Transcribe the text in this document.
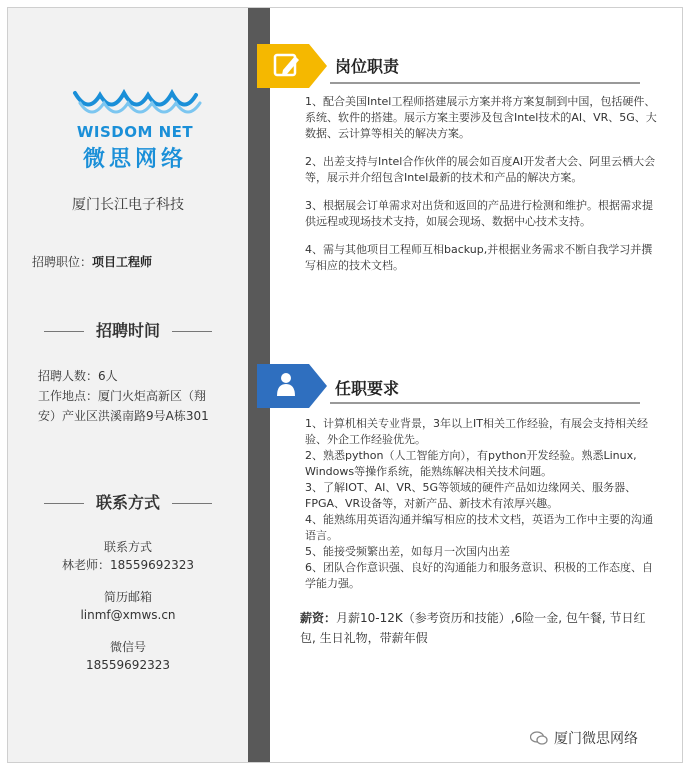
WISDOM NET
微思网络
厦门长江电子科技
招聘职位：项目工程师
招聘时间
招聘人数：6人
工作地点：厦门火炬高新区（翔
安）产业区洪溪南路9号A栋301
联系方式
联系方式
林老师：18559692323
简历邮箱
linmf@xmws.cn
微信号
18559692323
岗位职责

1、配合美国Intel工程师搭建展示方案并将方案复制到中国，包括硬件、系统、软件的搭建。展示方案主要涉及包含Intel技术的AI、VR、5G、大数据、云计算等相关的解决方案。

2、出差支持与Intel合作伙伴的展会如百度AI开发者大会、阿里云栖大会等，展示并介绍包含Intel最新的技术和产品的解决方案。

3、根据展会订单需求对出货和返回的产品进行检测和维护。根据需求提供远程或现场技术支持，如展会现场、数据中心技术支持。

4、需与其他项目工程师互相backup,并根据业务需求不断自我学习并撰写相应的技术文档。

任职要求

1、计算机相关专业背景，3年以上IT相关工作经验，有展会支持相关经验、外企工作经验优先。

2、熟悉python（人工智能方向），有python开发经验。熟悉Linux, Windows等操作系统，能熟练解决相关技术问题。

3、了解IOT、AI、VR、5G等领域的硬件产品如边缘网关、服务器、FPGA、VR设备等，对新产品、新技术有浓厚兴趣。

4、能熟练用英语沟通并编写相应的技术文档，英语为工作中主要的沟通语言。

5、能接受频繁出差，如每月一次国内出差

6、团队合作意识强、良好的沟通能力和服务意识、积极的工作态度、自学能力强。

薪资：月薪10-12K（参考资历和技能）,6险一金, 包午餐, 节日红包, 生日礼物，带薪年假
厦门微思网络
